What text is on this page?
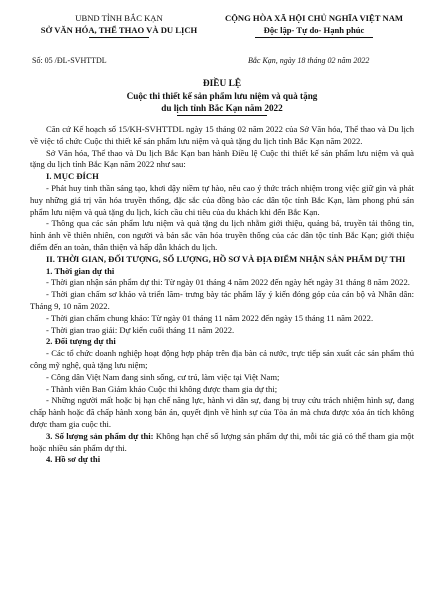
UBND TỈNH BẮC KẠN
SỞ VĂN HÓA, THỂ THAO VÀ DU LỊCH
CỘNG HÒA XÃ HỘI CHỦ NGHĨA VIỆT NAM
Độc lập- Tự do- Hạnh phúc
Số: 05 /ĐL-SVHTTDL	Bắc Kạn, ngày 18 tháng 02 năm 2022
ĐIỀU LỆ
Cuộc thi thiết kế sản phẩm lưu niệm và quà tặng
du lịch tỉnh Bắc Kạn năm 2022

Căn cứ Kế hoạch số 15/KH-SVHTTDL ngày 15 tháng 02 năm 2022 của Sở Văn hóa, Thể thao và Du lịch về việc tổ chức Cuộc thi thiết kế sản phẩm lưu niệm và quà tặng du lịch tỉnh Bắc Kạn năm 2022.

Sở Văn hóa, Thể thao và Du lịch Bắc Kạn ban hành Điều lệ Cuộc thi thiết kế sản phẩm lưu niệm và quà tặng du lịch tỉnh Bắc Kạn năm 2022 như sau:

I. MỤC ĐÍCH

- Phát huy tinh thần sáng tạo, khơi dậy niềm tự hào, nêu cao ý thức trách nhiệm trong việc giữ gìn và phát huy những giá trị văn hóa truyền thống, đặc sắc của đồng bào các dân tộc tỉnh Bắc Kạn, làm phong phú sản phẩm lưu niệm và quà tặng du lịch, kích cầu chi tiêu của du khách khi đến Bắc Kạn.

- Thông qua các sản phẩm lưu niệm và quà tặng du lịch nhằm giới thiệu, quảng bá, truyền tải thông tin, hình ảnh về thiên nhiên, con người và bản sắc văn hóa truyền thống của các dân tộc tỉnh Bắc Kạn; giới thiệu điểm đến an toàn, thân thiện và hấp dẫn khách du lịch.

II. THỜI GIAN, ĐỐI TƯỢNG, SỐ LƯỢNG, HỒ SƠ VÀ ĐỊA ĐIỂM NHẬN SẢN PHẨM DỰ THI

1. Thời gian dự thi

- Thời gian nhận sản phẩm dự thi: Từ ngày 01 tháng 4 năm 2022 đến ngày hết ngày 31 tháng 8 năm 2022.

- Thời gian chấm sơ khảo và triển lãm- trưng bày tác phẩm lấy ý kiến đóng góp của cán bộ và Nhân dân: Tháng 9, 10 năm 2022.

- Thời gian chấm chung khảo: Từ ngày 01 tháng 11 năm 2022 đến ngày 15 tháng 11 năm 2022.

- Thời gian trao giải: Dự kiến cuối tháng 11 năm 2022.

2. Đối tượng dự thi

- Các tổ chức doanh nghiệp hoạt động hợp pháp trên địa bàn cả nước, trực tiếp sản xuất các sản phẩm thủ công mỹ nghệ, quà tặng lưu niệm;

- Công dân Việt Nam đang sinh sống, cư trú, làm việc tại Việt Nam;

- Thành viên Ban Giám khảo Cuộc thi không được tham gia dự thi;

- Những người mất hoặc bị hạn chế năng lực, hành vi dân sự, đang bị truy cứu trách nhiệm hình sự, đang chấp hành hoặc đã chấp hành xong bản án, quyết định về hình sự của Tòa án mà chưa được xóa án tích không được tham gia cuộc thi.

3. Số lượng sản phẩm dự thi: Không hạn chế số lượng sản phẩm dự thi, mỗi tác giả có thể tham gia một hoặc nhiều sản phẩm dự thi.

4. Hồ sơ dự thi
